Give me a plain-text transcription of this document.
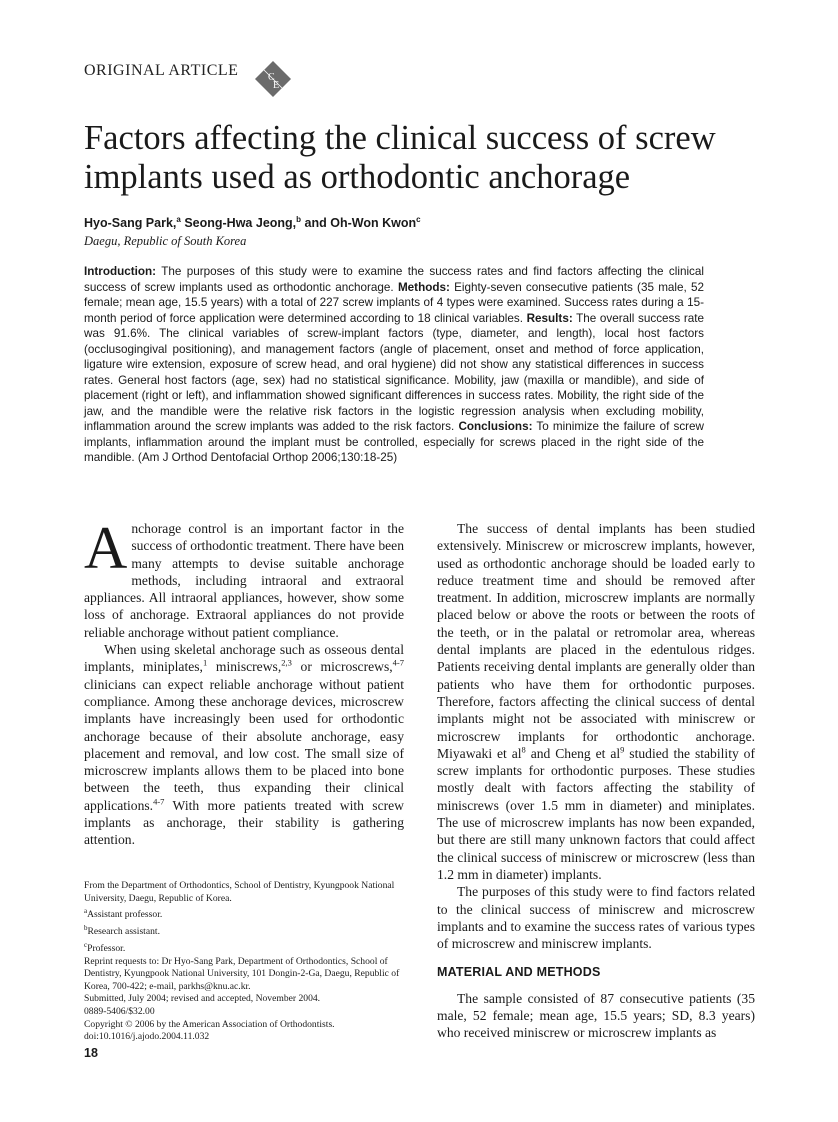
ORIGINAL ARTICLE	C
E
Factors affecting the clinical success of screw implants used as orthodontic anchorage
Hyo-Sang Park,$^a$ Seong-Hwa Jeong,$^b$ and Oh-Won Kwon$^c$
Daegu, Republic of South Korea
Introduction: The purposes of this study were to examine the success rates and find factors affecting the clinical success of screw implants used as orthodontic anchorage. Methods: Eighty-seven consecutive patients (35 male, 52 female; mean age, 15.5 years) with a total of 227 screw implants of 4 types were examined. Success rates during a 15-month period of force application were determined according to 18 clinical variables. Results: The overall success rate was 91.6%. The clinical variables of screw-implant factors (type, diameter, and length), local host factors (occlusogingival positioning), and management factors (angle of placement, onset and method of force application, ligature wire extension, exposure of screw head, and oral hygiene) did not show any statistical differences in success rates. General host factors (age, sex) had no statistical significance. Mobility, jaw (maxilla or mandible), and side of placement (right or left), and inflammation showed significant differences in success rates. Mobility, the right side of the jaw, and the mandible were the relative risk factors in the logistic regression analysis when excluding mobility, inflammation around the screw implants was added to the risk factors. Conclusions: To minimize the failure of screw implants, inflammation around the implant must be controlled, especially for screws placed in the right side of the mandible. (Am J Orthod Dentofacial Orthop 2006;130:18-25)

Anchorage control is an important factor in the success of orthodontic treatment. There have been many attempts to devise suitable anchorage methods, including intraoral and extraoral appliances. All intraoral appliances, however, show some loss of anchorage. Extraoral appliances do not provide reliable anchorage without patient compliance.

When using skeletal anchorage such as osseous dental implants, miniplates,$^1$ miniscrews,$^{2,3}$ or microscrews,$^{4-7}$ clinicians can expect reliable anchorage without patient compliance. Among these anchorage devices, microscrew implants have increasingly been used for orthodontic anchorage because of their absolute anchorage, easy placement and removal, and low cost. The small size of microscrew implants allows them to be placed into bone between the teeth, thus expanding their clinical applications.$^{4-7}$ With more patients treated with screw implants as anchorage, their stability is gathering attention.

From the Department of Orthodontics, School of Dentistry, Kyungpook National University, Daegu, Republic of Korea.
$^a$Assistant professor.
$^b$Research assistant.
$^c$Professor.
Reprint requests to: Dr Hyo-Sang Park, Department of Orthodontics, School of Dentistry, Kyungpook National University, 101 Dongin-2-Ga, Daegu, Republic of Korea, 700-422; e-mail, parkhs@knu.ac.kr.
Submitted, July 2004; revised and accepted, November 2004.
0889-5406/$32.00
Copyright © 2006 by the American Association of Orthodontists.
doi:10.1016/j.ajodo.2004.11.032

The success of dental implants has been studied extensively. Miniscrew or microscrew implants, however, used as orthodontic anchorage should be loaded early to reduce treatment time and should be removed after treatment. In addition, microscrew implants are normally placed below or above the roots or between the roots of the teeth, or in the palatal or retromolar area, whereas dental implants are placed in the edentulous ridges. Patients receiving dental implants are generally older than patients who have them for orthodontic purposes. Therefore, factors affecting the clinical success of dental implants might not be associated with miniscrew or microscrew implants for orthodontic anchorage. Miyawaki et $al^8$ and Cheng et $al^9$ studied the stability of screw implants for orthodontic purposes. These studies mostly dealt with factors affecting the stability of miniscrews (over 1.5 mm in diameter) and miniplates. The use of microscrew implants has now been expanded, but there are still many unknown factors that could affect the clinical success of miniscrew or microscrew (less than 1.2 mm in diameter) implants.

The purposes of this study were to find factors related to the clinical success of miniscrew and microscrew implants and to examine the success rates of various types of microscrew and miniscrew implants.

MATERIAL AND METHODS

The sample consisted of 87 consecutive patients (35 male, 52 female; mean age, 15.5 years; SD, 8.3 years) who received miniscrew or microscrew implants as

18
